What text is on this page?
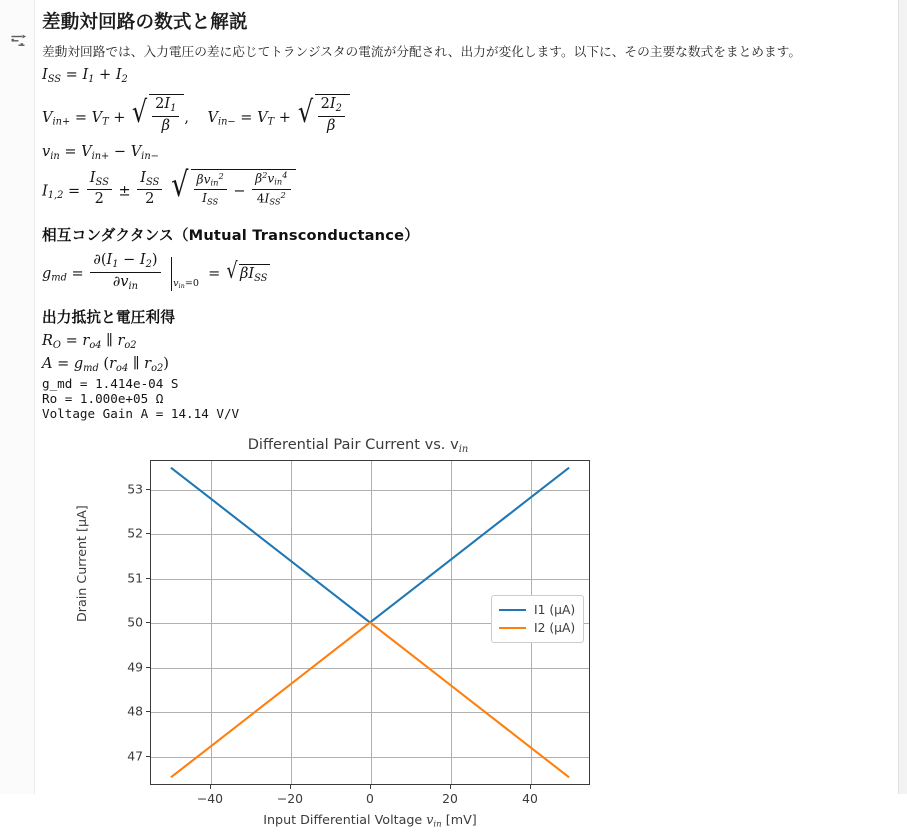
差動対回路の数式と解説

差動対回路では、入力電圧の差に応じてトランジスタの電流が分配され、出力が変化します。以下に、その主要な数式をまとめます。

$I_{SS} = I_1 + I_2$
$V_{in+} = V_T$ + √ $\frac{2I_1}{\beta}$ , $V_{in-} = V_T$ + √ $\frac{2I_2}{\beta}$
$v_{in} = V_{in+} - V_{in-}$
$I_{1,2} = \frac{I_{SS}}{2} \pm \frac{I_{SS}}{2}$ √ $\frac{\beta v_{in}^2}{I_{SS}} - \frac{\beta^2v_{in}^4}{4I_{SS}^2}$
相互コンダクタンス（Mutual Transconductance）
$g_{md} = \frac{\partial(I_1 - I_2)}{\partial v_{in}} v_{in}=0$  = √ $\beta I_{SS}$
出力抵抗と電圧利得
$R_O = r_{o4}$ ∥ $r_{o2}$
$A = g_{md}$ ($r_{o4}$ ∥ $r_{o2}$)
g_md = 1.414e-04 S
Ro = 1.000e+05 Ω
Voltage Gain A = 14.14 V/V
Differential Pair Current vs. $v_{in}$
I1 (μA)
I2 (μA)
47
48
49
50
51
52
53
−40	−20	0	20	40
Drain Current [μA]
Input Differential Voltage $v_{in}$ [mV]
